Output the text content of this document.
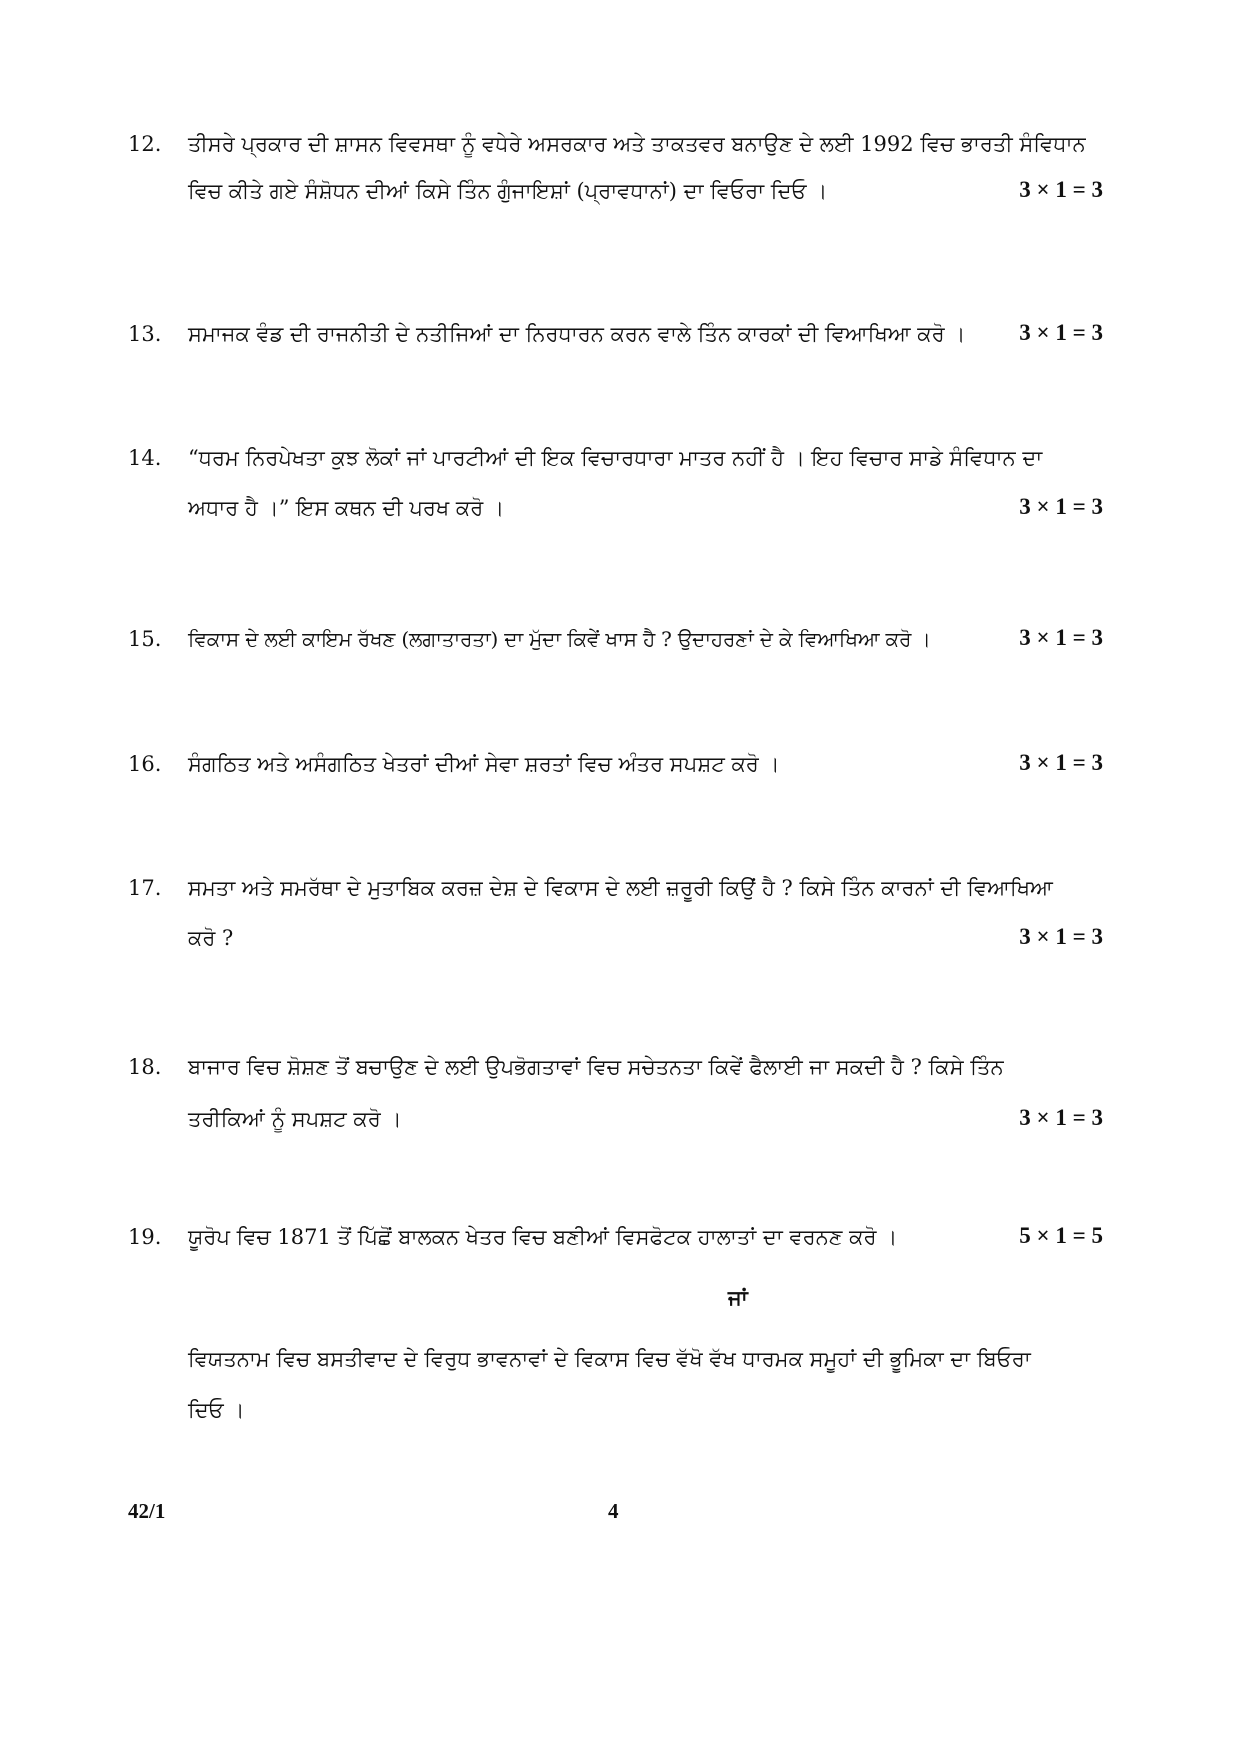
12.	ਤੀਸਰੇ ਪ੍ਰਕਾਰ ਦੀ ਸ਼ਾਸਨ ਵਿਵਸਥਾ ਨੂੰ ਵਧੇਰੇ ਅਸਰਕਾਰ ਅਤੇ ਤਾਕਤਵਰ ਬਨਾਉਣ ਦੇ ਲਈ 1992 ਵਿਚ ਭਾਰਤੀ ਸੰਵਿਧਾਨ
ਵਿਚ ਕੀਤੇ ਗਏ ਸੰਸ਼ੋਧਨ ਦੀਆਂ ਕਿਸੇ ਤਿੰਨ ਗੁੰਜਾਇਸ਼ਾਂ (ਪ੍ਰਾਵਧਾਨਾਂ) ਦਾ ਵਿਓਰਾ ਦਿਓ ।	3 × 1 = 3
13.	ਸਮਾਜਕ ਵੰਡ ਦੀ ਰਾਜਨੀਤੀ ਦੇ ਨਤੀਜਿਆਂ ਦਾ ਨਿਰਧਾਰਨ ਕਰਨ ਵਾਲੇ ਤਿੰਨ ਕਾਰਕਾਂ ਦੀ ਵਿਆਖਿਆ ਕਰੋ । 3 × 1 = 3
14.	“ਧਰਮ ਨਿਰਪੇਖਤਾ ਕੁਝ ਲੋਕਾਂ ਜਾਂ ਪਾਰਟੀਆਂ ਦੀ ਇਕ ਵਿਚਾਰਧਾਰਾ ਮਾਤਰ ਨਹੀਂ ਹੈ । ਇਹ ਵਿਚਾਰ ਸਾਡੇ ਸੰਵਿਧਾਨ ਦਾ
ਅਧਾਰ ਹੈ ।” ਇਸ ਕਥਨ ਦੀ ਪਰਖ ਕਰੋ ।	3 × 1 = 3
15.	ਵਿਕਾਸ ਦੇ ਲਈ ਕਾਇਮ ਰੱਖਣ (ਲਗਾਤਾਰਤਾ) ਦਾ ਮੁੱਦਾ ਕਿਵੇਂ ਖਾਸ ਹੈ ? ਉਦਾਹਰਣਾਂ ਦੇ ਕੇ ਵਿਆਖਿਆ ਕਰੋ ।	3 × 1 = 3
16.	ਸੰਗਠਿਤ ਅਤੇ ਅਸੰਗਠਿਤ ਖੇਤਰਾਂ ਦੀਆਂ ਸੇਵਾ ਸ਼ਰਤਾਂ ਵਿਚ ਅੰਤਰ ਸਪਸ਼ਟ ਕਰੋ ।	3 × 1 = 3
17.	ਸਮਤਾ ਅਤੇ ਸਮਰੱਥਾ ਦੇ ਮੁਤਾਬਿਕ ਕਰਜ਼ ਦੇਸ਼ ਦੇ ਵਿਕਾਸ ਦੇ ਲਈ ਜ਼ਰੂਰੀ ਕਿਉਂ ਹੈ ? ਕਿਸੇ ਤਿੰਨ ਕਾਰਨਾਂ ਦੀ ਵਿਆਖਿਆ
ਕਰੋ ?	3 × 1 = 3
18.	ਬਾਜਾਰ ਵਿਚ ਸ਼ੋਸ਼ਣ ਤੋਂ ਬਚਾਉਣ ਦੇ ਲਈ ਉਪਭੋਗਤਾਵਾਂ ਵਿਚ ਸਚੇਤਨਤਾ ਕਿਵੇਂ ਫੈਲਾਈ ਜਾ ਸਕਦੀ ਹੈ ? ਕਿਸੇ ਤਿੰਨ
ਤਰੀਕਿਆਂ ਨੂੰ ਸਪਸ਼ਟ ਕਰੋ ।	3 × 1 = 3
19.	ਯੂਰੋਪ ਵਿਚ 1871 ਤੋਂ ਪਿੱਛੋਂ ਬਾਲਕਨ ਖੇਤਰ ਵਿਚ ਬਣੀਆਂ ਵਿਸਫੋਟਕ ਹਾਲਾਤਾਂ ਦਾ ਵਰਨਣ ਕਰੋ ।	5 × 1 = 5
ਜਾਂ
ਵਿਯਤਨਾਮ ਵਿਚ ਬਸਤੀਵਾਦ ਦੇ ਵਿਰੁਧ ਭਾਵਨਾਵਾਂ ਦੇ ਵਿਕਾਸ ਵਿਚ ਵੱਖੋ ਵੱਖ ਧਾਰਮਕ ਸਮੂਹਾਂ ਦੀ ਭੂਮਿਕਾ ਦਾ ਬਿਓਰਾ
ਦਿਓ ।
42/1	4
